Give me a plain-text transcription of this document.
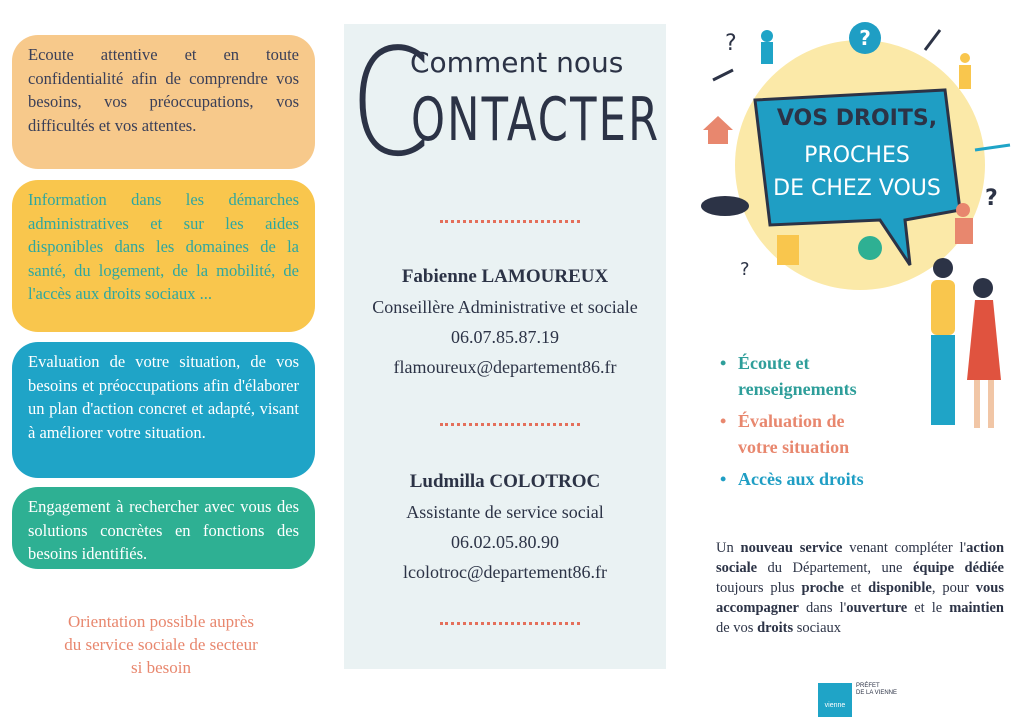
Ecoute attentive et en toute confidentialité afin de comprendre vos besoins, vos préoccupations, vos difficultés et vos attentes.
Information dans les démarches administratives et sur les aides disponibles dans les domaines de la santé, du logement, de la mobilité, de l'accès aux droits sociaux ...
Evaluation de votre situation, de vos besoins et préoccupations afin d'élaborer un plan d'action concret et adapté, visant à améliorer votre situation.
Engagement à rechercher avec vous des solutions concrètes en fonctions des besoins identifiés.
Orientation possible auprès
du service sociale de secteur
si besoin
C
Comment nous
ONTACTER
Fabienne LAMOUREUX
Conseillère Administrative et sociale
06.07.85.87.19
flamoureux@departement86.fr
Ludmilla COLOTROC
Assistante de service social
06.02.05.80.90
lcolotroc@departement86.fr
VOS DROITS,
PROCHES
DE CHEZ VOUS
?
?
?
?
• Écoute et renseignements
• Évaluation de votre situation
• Accès aux droits
Un nouveau service venant compléter l'action sociale du Département, une équipe dédiée toujours plus proche et disponible, pour vous accompagner dans l'ouverture et le maintien de vos droits sociaux
vienne
PRÉFET
DE LA VIENNE
